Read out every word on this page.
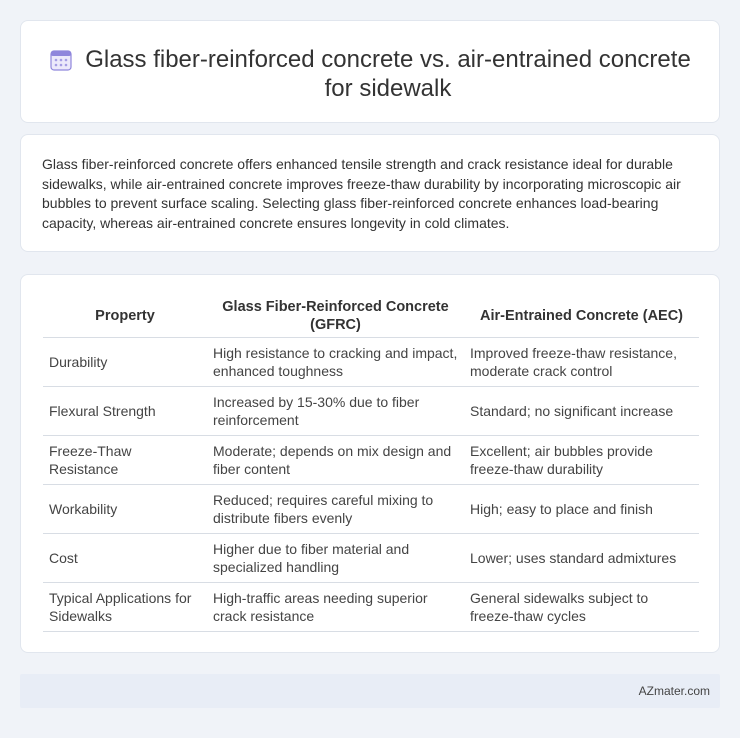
Glass fiber-reinforced concrete vs. air-entrained concrete for sidewalk

Glass fiber-reinforced concrete offers enhanced tensile strength and crack resistance ideal for durable sidewalks, while air-entrained concrete improves freeze-thaw durability by incorporating microscopic air bubbles to prevent surface scaling. Selecting glass fiber-reinforced concrete enhances load-bearing capacity, whereas air-entrained concrete ensures longevity in cold climates.

Property	Glass Fiber-Reinforced Concrete (GFRC)	Air-Entrained Concrete (AEC)
Durability	High resistance to cracking and impact, enhanced toughness	Improved freeze-thaw resistance, moderate crack control
Flexural Strength	Increased by 15-30% due to fiber reinforcement	Standard; no significant increase
Freeze-Thaw Resistance	Moderate; depends on mix design and fiber content	Excellent; air bubbles provide freeze-thaw durability
Workability	Reduced; requires careful mixing to distribute fibers evenly	High; easy to place and finish
Cost	Higher due to fiber material and specialized handling	Lower; uses standard admixtures
Typical Applications for Sidewalks	High-traffic areas needing superior crack resistance	General sidewalks subject to freeze-thaw cycles
AZmater.com
